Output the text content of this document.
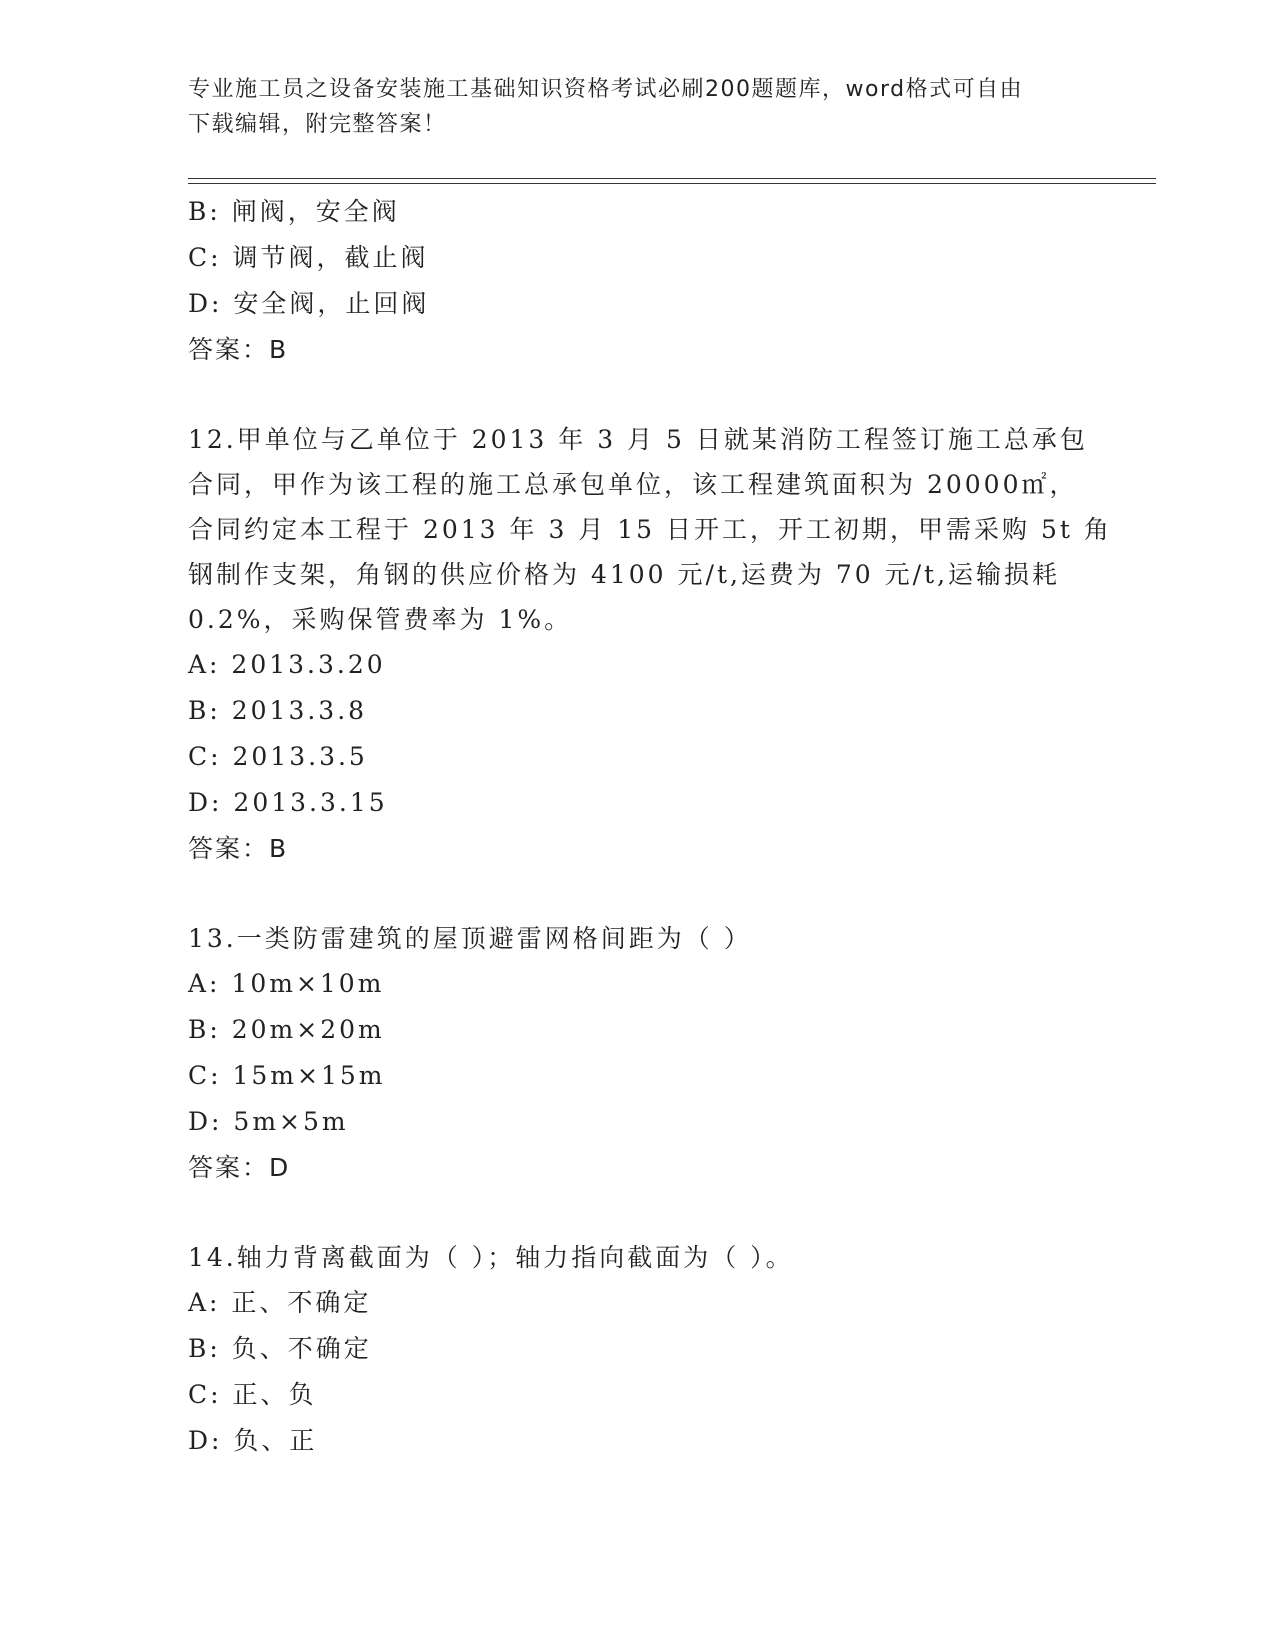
专业施工员之设备安装施工基础知识资格考试必刷200题题库，word格式可自由
下载编辑，附完整答案！
B: 闸阀，安全阀
C: 调节阀，截止阀
D: 安全阀，止回阀
答案：B
12.甲单位与乙单位于 2013 年 3 月 5 日就某消防工程签订施工总承包
合同，甲作为该工程的施工总承包单位，该工程建筑面积为 20000㎡，
合同约定本工程于 2013 年 3 月 15 日开工，开工初期，甲需采购 5t 角
钢制作支架，角钢的供应价格为 4100 元/t,运费为 70 元/t,运输损耗
0.2%，采购保管费率为 1%。
A: 2013.3.20
B: 2013.3.8
C: 2013.3.5
D: 2013.3.15
答案：B
13.一类防雷建筑的屋顶避雷网格间距为（ ）
A: 10m×10m
B: 20m×20m
C: 15m×15m
D: 5m×5m
答案：D
14.轴力背离截面为（ ）；轴力指向截面为（ ）。
A: 正、不确定
B: 负、不确定
C: 正、负
D: 负、正
